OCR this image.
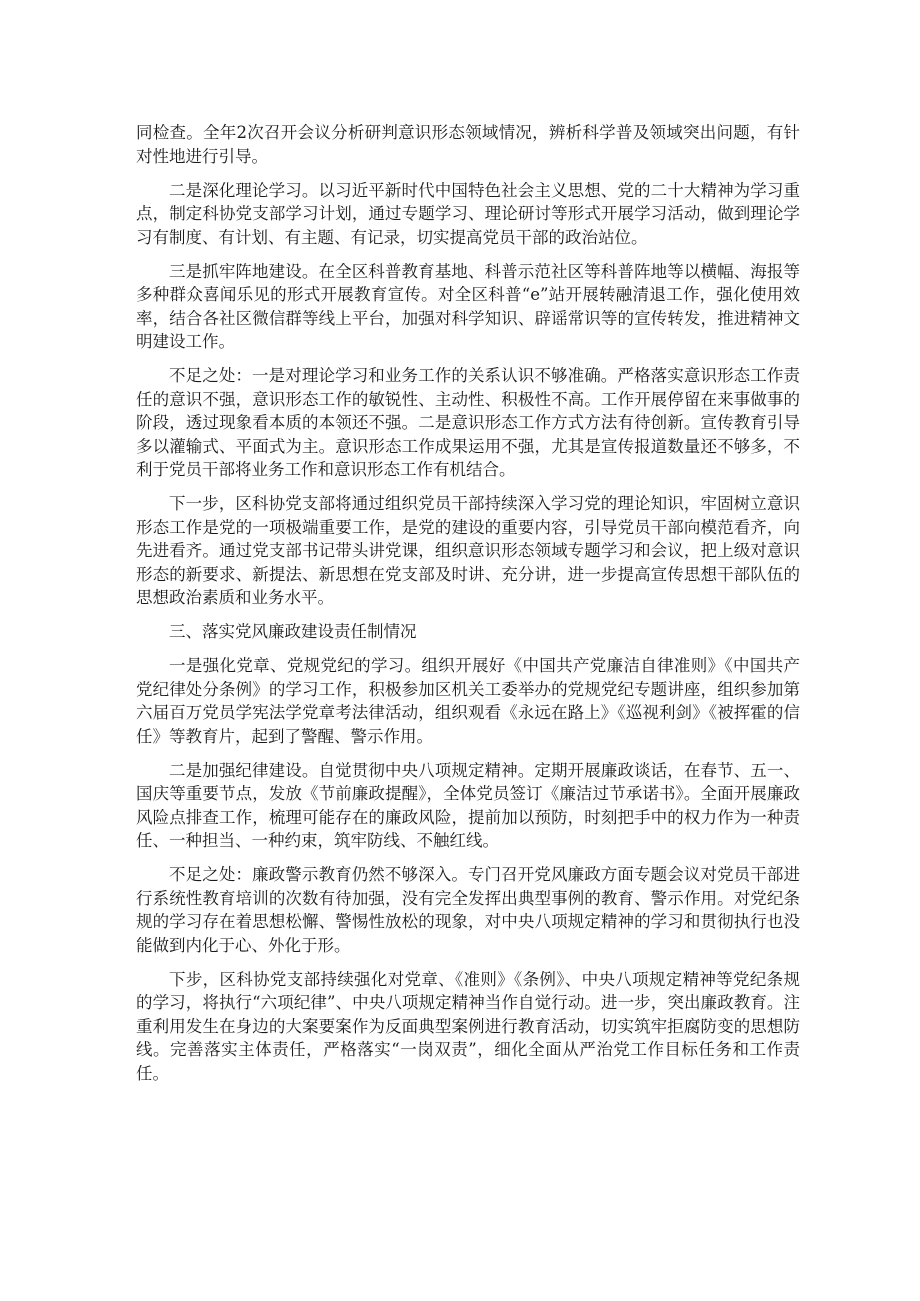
同检查。全年2次召开会议分析研判意识形态领域情况，辨析科学普及领域突出问题，有针对性地进行引导。

二是深化理论学习。以习近平新时代中国特色社会主义思想、党的二十大精神为学习重点，制定科协党支部学习计划，通过专题学习、理论研讨等形式开展学习活动，做到理论学习有制度、有计划、有主题、有记录，切实提高党员干部的政治站位。

三是抓牢阵地建设。在全区科普教育基地、科普示范社区等科普阵地等以横幅、海报等多种群众喜闻乐见的形式开展教育宣传。对全区科普“e”站开展转融清退工作，强化使用效率，结合各社区微信群等线上平台，加强对科学知识、辟谣常识等的宣传转发，推进精神文明建设工作。

不足之处：一是对理论学习和业务工作的关系认识不够准确。严格落实意识形态工作责任的意识不强，意识形态工作的敏锐性、主动性、积极性不高。工作开展停留在来事做事的阶段，透过现象看本质的本领还不强。二是意识形态工作方式方法有待创新。宣传教育引导多以灌输式、平面式为主。意识形态工作成果运用不强，尤其是宣传报道数量还不够多，不利于党员干部将业务工作和意识形态工作有机结合。

下一步，区科协党支部将通过组织党员干部持续深入学习党的理论知识，牢固树立意识形态工作是党的一项极端重要工作，是党的建设的重要内容，引导党员干部向模范看齐，向先进看齐。通过党支部书记带头讲党课，组织意识形态领域专题学习和会议，把上级对意识形态的新要求、新提法、新思想在党支部及时讲、充分讲，进一步提高宣传思想干部队伍的思想政治素质和业务水平。

三、落实党风廉政建设责任制情况

一是强化党章、党规党纪的学习。组织开展好《中国共产党廉洁自律准则》《中国共产党纪律处分条例》的学习工作，积极参加区机关工委举办的党规党纪专题讲座，组织参加第六届百万党员学宪法学党章考法律活动，组织观看《永远在路上》《巡视利剑》《被挥霍的信任》等教育片，起到了警醒、警示作用。

二是加强纪律建设。自觉贯彻中央八项规定精神。定期开展廉政谈话，在春节、五一、国庆等重要节点，发放《节前廉政提醒》，全体党员签订《廉洁过节承诺书》。全面开展廉政风险点排查工作，梳理可能存在的廉政风险，提前加以预防，时刻把手中的权力作为一种责任、一种担当、一种约束，筑牢防线、不触红线。

不足之处：廉政警示教育仍然不够深入。专门召开党风廉政方面专题会议对党员干部进行系统性教育培训的次数有待加强，没有完全发挥出典型事例的教育、警示作用。对党纪条规的学习存在着思想松懈、警惕性放松的现象，对中央八项规定精神的学习和贯彻执行也没能做到内化于心、外化于形。

下步，区科协党支部持续强化对党章、《准则》《条例》、中央八项规定精神等党纪条规的学习，将执行“六项纪律”、中央八项规定精神当作自觉行动。进一步，突出廉政教育。注重利用发生在身边的大案要案作为反面典型案例进行教育活动，切实筑牢拒腐防变的思想防线。完善落实主体责任，严格落实“一岗双责”，细化全面从严治党工作目标任务和工作责任。
